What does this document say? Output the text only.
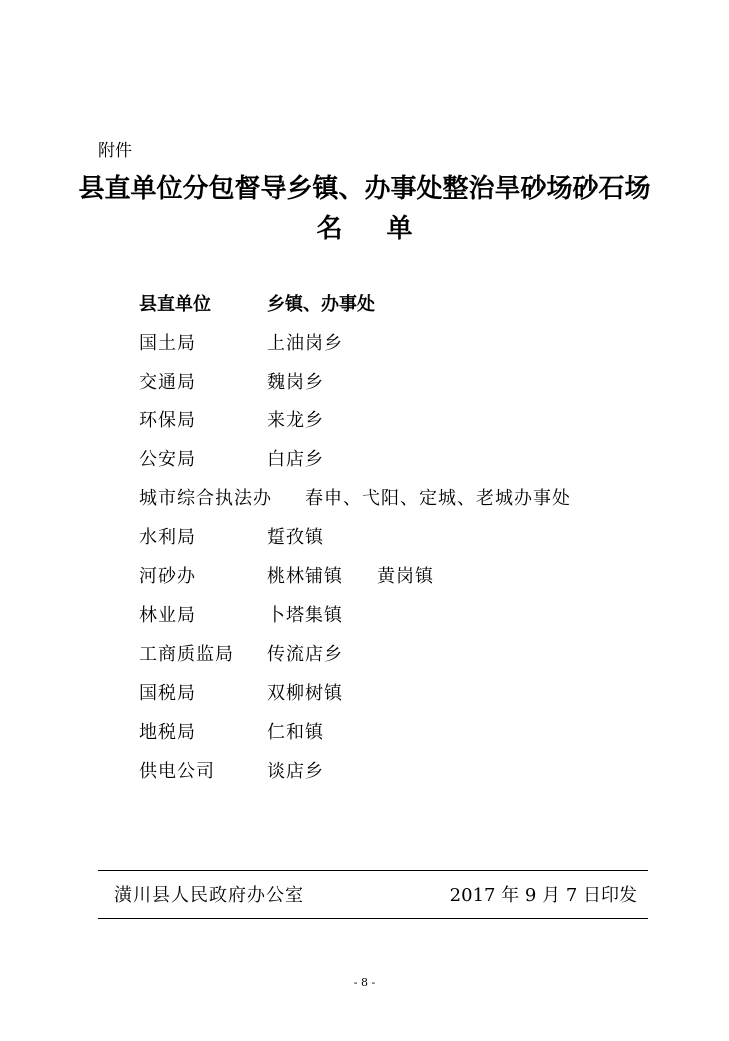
附件
县直单位分包督导乡镇、办事处整治旱砂场砂石场
名 单
县直单位	乡镇、办事处
国土局	上油岗乡
交通局	魏岗乡
环保局	来龙乡
公安局	白店乡
城市综合执法办 春申、弋阳、定城、老城办事处
水利局	踅孜镇
河砂办	桃林铺镇 黄岗镇
林业局	卜塔集镇
工商质监局 传流店乡
国税局	双柳树镇
地税局	仁和镇
供电公司	谈店乡
潢川县人民政府办公室	2017 年 9 月 7 日印发
- 8 -
